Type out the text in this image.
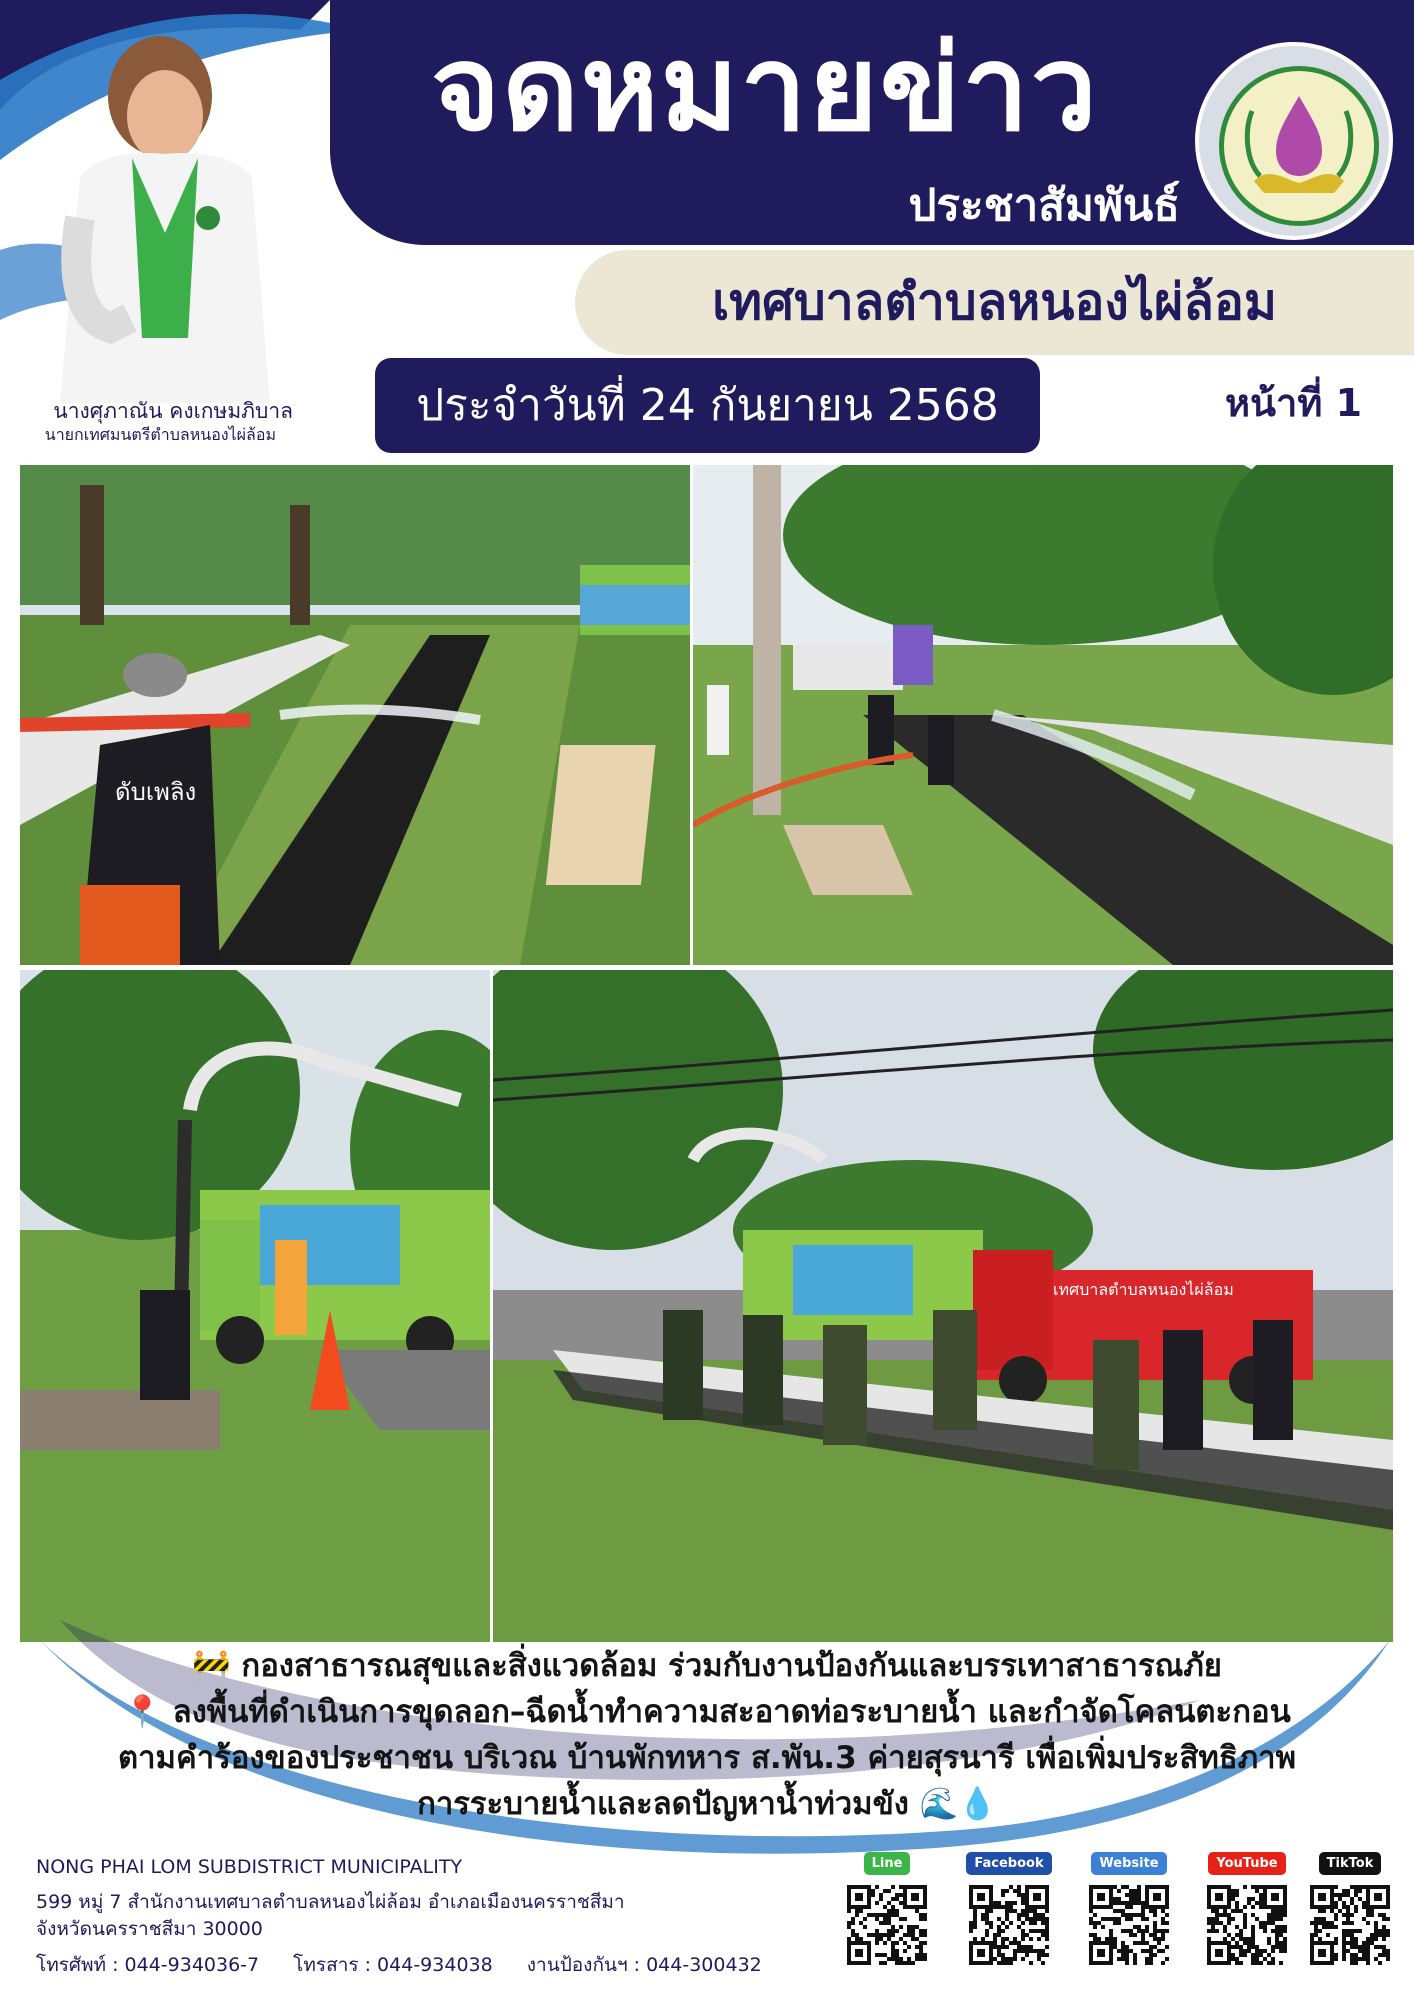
จดหมายข่าว
ประชาสัมพันธ์
เทศบาลตำบลหนองไผ่ล้อม
นางศุภาณัน คงเกษมภิบาล
นายกเทศมนตรีตำบลหนองไผ่ล้อม
ประจำวันที่ 24 กันยายน 2568	หน้าที่ 1
ดับเพลิง
เทศบาลตำบลหนองไผ่ล้อม
🚧 กองสาธารณสุขและสิ่งแวดล้อม ร่วมกับงานป้องกันและบรรเทาสาธารณภัย
📍 ลงพื้นที่ดำเนินการขุดลอก–ฉีดน้ำทำความสะอาดท่อระบายน้ำ และกำจัดโคลนตะกอน
ตามคำร้องของประชาชน บริเวณ บ้านพักทหาร ส.พัน.3 ค่ายสุรนารี เพื่อเพิ่มประสิทธิภาพ
การระบายน้ำและลดปัญหาน้ำท่วมขัง 🌊💧
NONG PHAI LOM SUBDISTRICT MUNICIPALITY
599 หมู่ 7 สำนักงานเทศบาลตำบลหนองไผ่ล้อม อำเภอเมืองนครราชสีมา
จังหวัดนครราชสีมา 30000
โทรศัพท์ : 044-934036-7 โทรสาร : 044-934038 งานป้องกันฯ : 044-300432
Line	Facebook	Website	YouTube	TikTok
